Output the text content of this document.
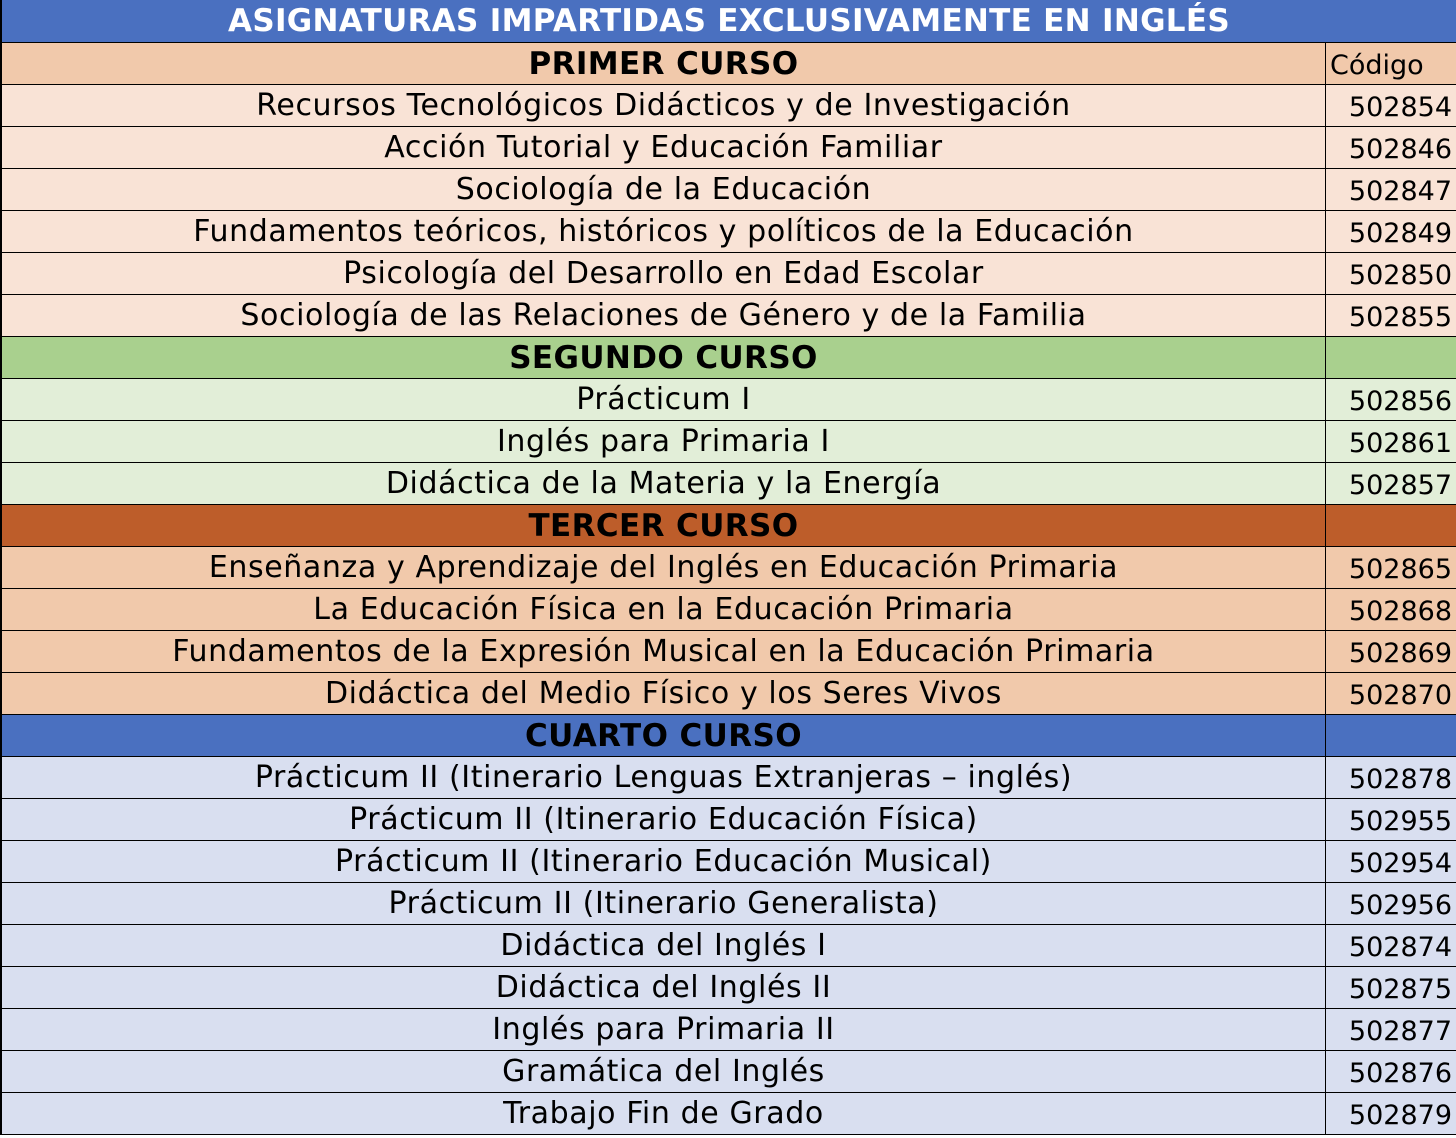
ASIGNATURAS IMPARTIDAS EXCLUSIVAMENTE EN INGLÉS
PRIMER CURSO	Código
Recursos Tecnológicos Didácticos y de Investigación	502854
Acción Tutorial y Educación Familiar	502846
Sociología de la Educación	502847
Fundamentos teóricos, históricos y políticos de la Educación	502849
Psicología del Desarrollo en Edad Escolar	502850
Sociología de las Relaciones de Género y de la Familia	502855
SEGUNDO CURSO
Prácticum I	502856
Inglés para Primaria I	502861
Didáctica de la Materia y la Energía	502857
TERCER CURSO
Enseñanza y Aprendizaje del Inglés en Educación Primaria	502865
La Educación Física en la Educación Primaria	502868
Fundamentos de la Expresión Musical en la Educación Primaria	502869
Didáctica del Medio Físico y los Seres Vivos	502870
CUARTO CURSO
Prácticum II (Itinerario Lenguas Extranjeras – inglés)	502878
Prácticum II (Itinerario Educación Física)	502955
Prácticum II (Itinerario Educación Musical)	502954
Prácticum II (Itinerario Generalista)	502956
Didáctica del Inglés I	502874
Didáctica del Inglés II	502875
Inglés para Primaria II	502877
Gramática del Inglés	502876
Trabajo Fin de Grado	502879
